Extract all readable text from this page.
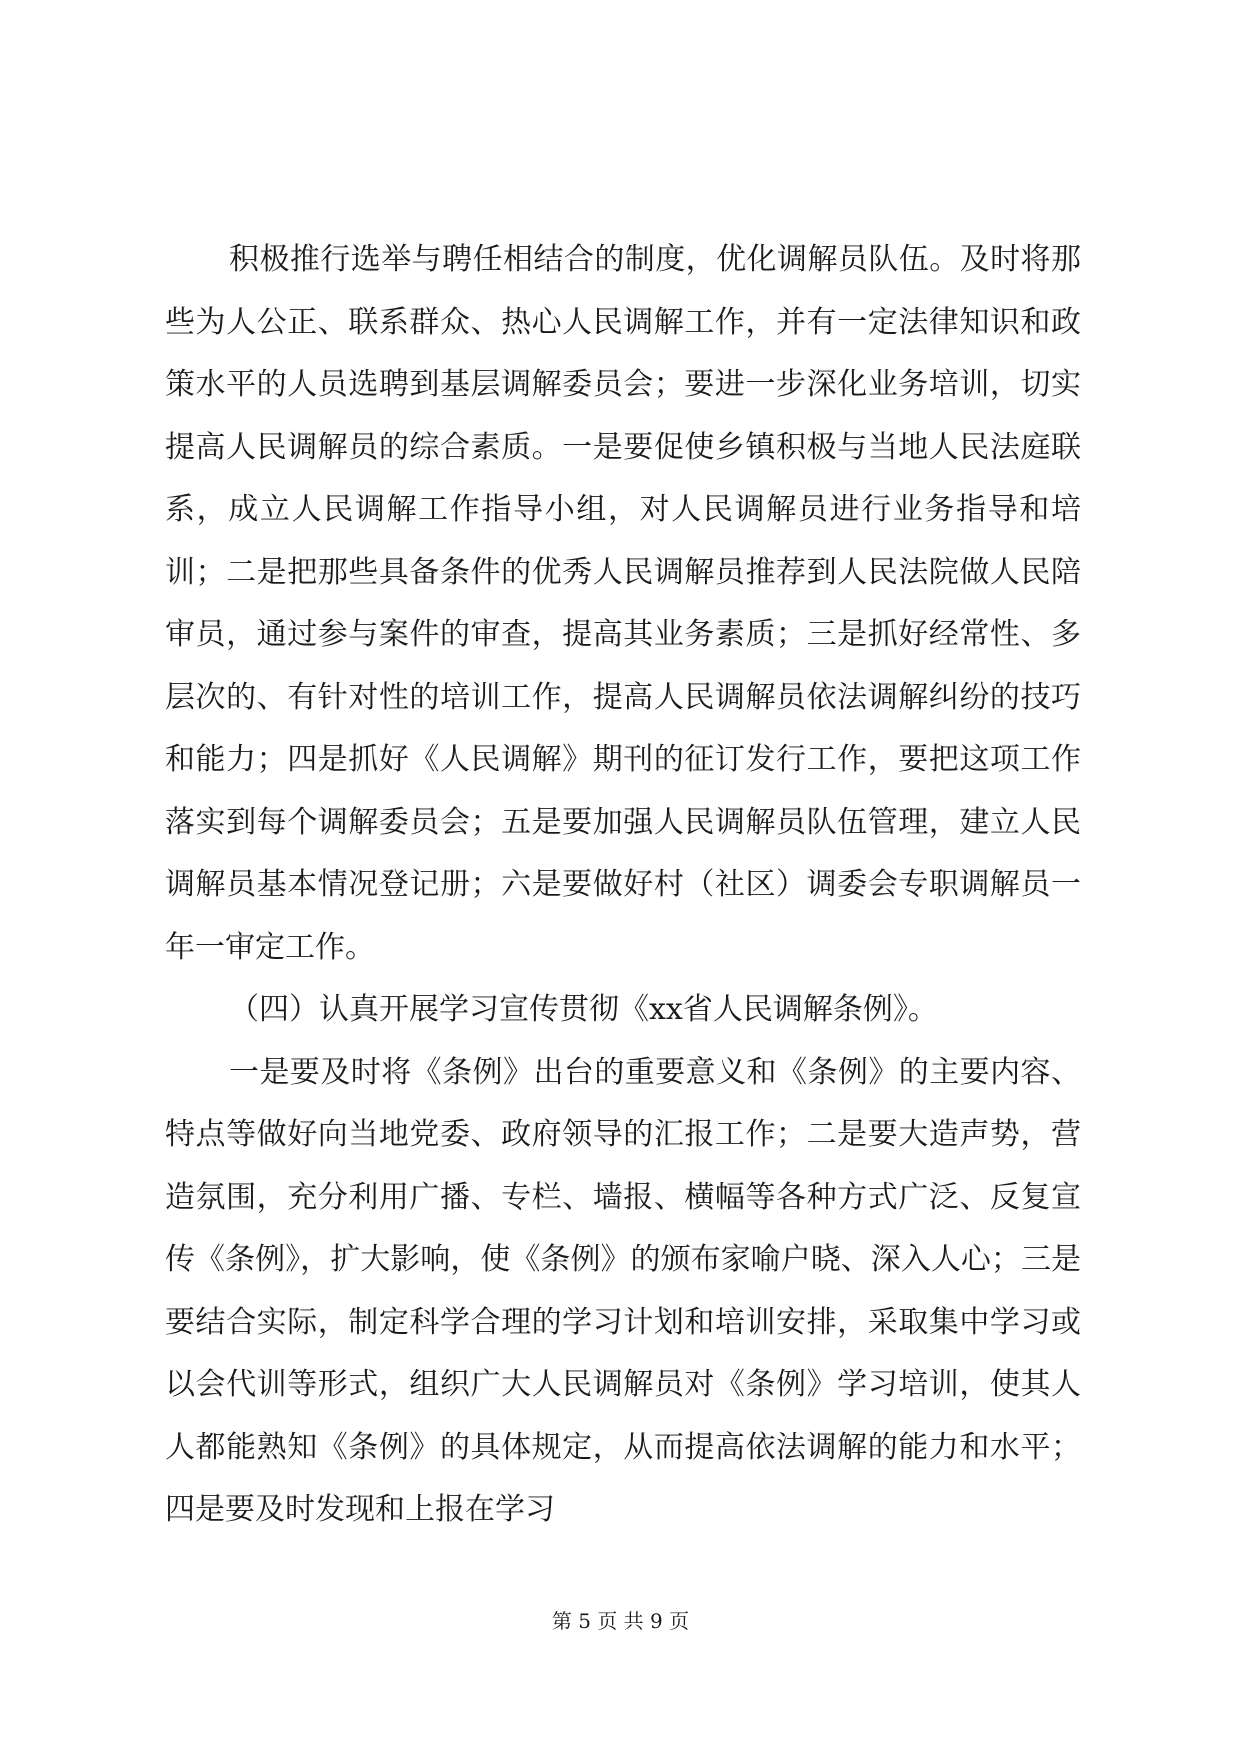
积极推行选举与聘任相结合的制度，优化调解员队伍。及时将那些为人公正、联系群众、热心人民调解工作，并有一定法律知识和政策水平的人员选聘到基层调解委员会；要进一步深化业务培训，切实提高人民调解员的综合素质。一是要促使乡镇积极与当地人民法庭联系，成立人民调解工作指导小组，对人民调解员进行业务指导和培训；二是把那些具备条件的优秀人民调解员推荐到人民法院做人民陪审员，通过参与案件的审查，提高其业务素质；三是抓好经常性、多层次的、有针对性的培训工作，提高人民调解员依法调解纠纷的技巧和能力；四是抓好《人民调解》期刊的征订发行工作，要把这项工作落实到每个调解委员会；五是要加强人民调解员队伍管理，建立人民调解员基本情况登记册；六是要做好村（社区）调委会专职调解员一年一审定工作。

（四）认真开展学习宣传贯彻《xx省人民调解条例》。

一是要及时将《条例》出台的重要意义和《条例》的主要内容、特点等做好向当地党委、政府领导的汇报工作；二是要大造声势，营造氛围，充分利用广播、专栏、墙报、横幅等各种方式广泛、反复宣传《条例》，扩大影响，使《条例》的颁布家喻户晓、深入人心；三是要结合实际，制定科学合理的学习计划和培训安排，采取集中学习或以会代训等形式，组织广大人民调解员对《条例》学习培训，使其人人都能熟知《条例》的具体规定，从而提高依法调解的能力和水平；四是要及时发现和上报在学习

第 5 页 共 9 页
